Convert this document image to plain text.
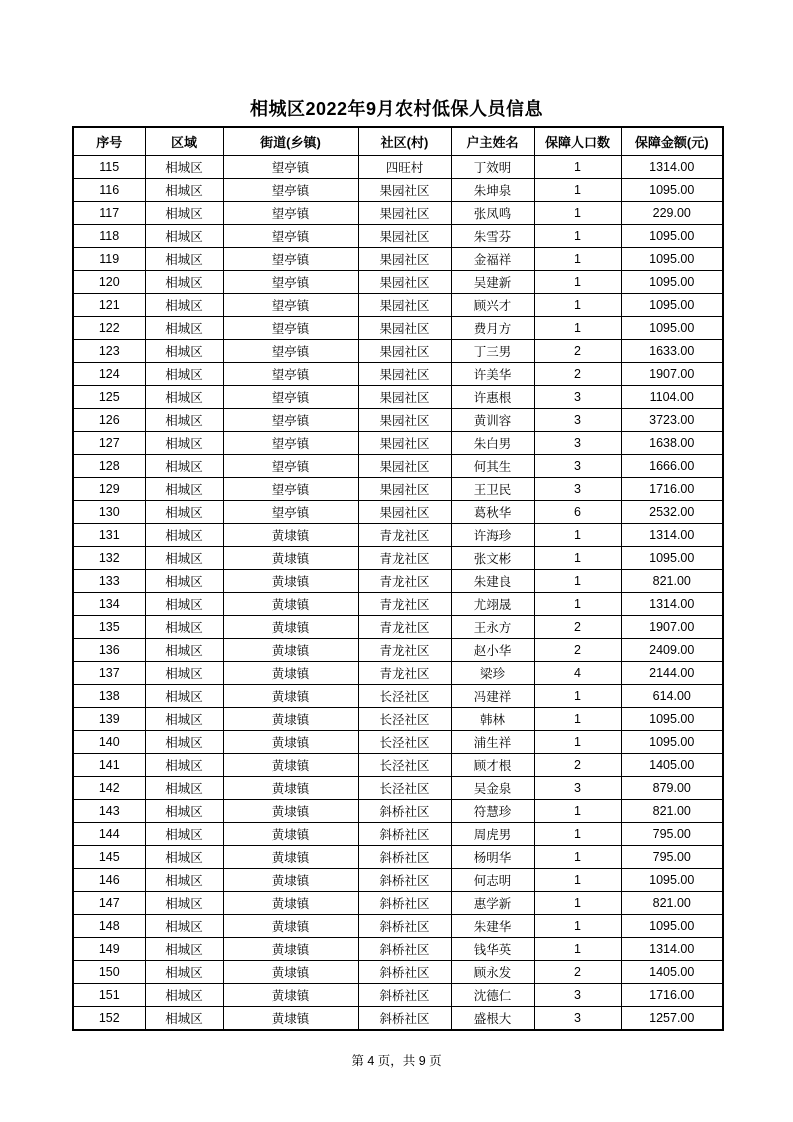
相城区2022年9月农村低保人员信息
序号	区域	街道(乡镇)	社区(村)	户主姓名	保障人口数	保障金额(元)
115	相城区	望亭镇	四旺村	丁效明	1	1314.00
116	相城区	望亭镇	果园社区	朱坤泉	1	1095.00
117	相城区	望亭镇	果园社区	张凤鸣	1	229.00
118	相城区	望亭镇	果园社区	朱雪芬	1	1095.00
119	相城区	望亭镇	果园社区	金福祥	1	1095.00
120	相城区	望亭镇	果园社区	吴建新	1	1095.00
121	相城区	望亭镇	果园社区	顾兴才	1	1095.00
122	相城区	望亭镇	果园社区	费月方	1	1095.00
123	相城区	望亭镇	果园社区	丁三男	2	1633.00
124	相城区	望亭镇	果园社区	许美华	2	1907.00
125	相城区	望亭镇	果园社区	许惠根	3	1104.00
126	相城区	望亭镇	果园社区	黄训容	3	3723.00
127	相城区	望亭镇	果园社区	朱白男	3	1638.00
128	相城区	望亭镇	果园社区	何其生	3	1666.00
129	相城区	望亭镇	果园社区	王卫民	3	1716.00
130	相城区	望亭镇	果园社区	葛秋华	6	2532.00
131	相城区	黄埭镇	青龙社区	许海珍	1	1314.00
132	相城区	黄埭镇	青龙社区	张文彬	1	1095.00
133	相城区	黄埭镇	青龙社区	朱建良	1	821.00
134	相城区	黄埭镇	青龙社区	尤翊晟	1	1314.00
135	相城区	黄埭镇	青龙社区	王永方	2	1907.00
136	相城区	黄埭镇	青龙社区	赵小华	2	2409.00
137	相城区	黄埭镇	青龙社区	梁珍	4	2144.00
138	相城区	黄埭镇	长泾社区	冯建祥	1	614.00
139	相城区	黄埭镇	长泾社区	韩林	1	1095.00
140	相城区	黄埭镇	长泾社区	浦生祥	1	1095.00
141	相城区	黄埭镇	长泾社区	顾才根	2	1405.00
142	相城区	黄埭镇	长泾社区	吴金泉	3	879.00
143	相城区	黄埭镇	斜桥社区	符慧珍	1	821.00
144	相城区	黄埭镇	斜桥社区	周虎男	1	795.00
145	相城区	黄埭镇	斜桥社区	杨明华	1	795.00
146	相城区	黄埭镇	斜桥社区	何志明	1	1095.00
147	相城区	黄埭镇	斜桥社区	惠学新	1	821.00
148	相城区	黄埭镇	斜桥社区	朱建华	1	1095.00
149	相城区	黄埭镇	斜桥社区	钱华英	1	1314.00
150	相城区	黄埭镇	斜桥社区	顾永发	2	1405.00
151	相城区	黄埭镇	斜桥社区	沈德仁	3	1716.00
152	相城区	黄埭镇	斜桥社区	盛根大	3	1257.00
第 4 页，共 9 页
